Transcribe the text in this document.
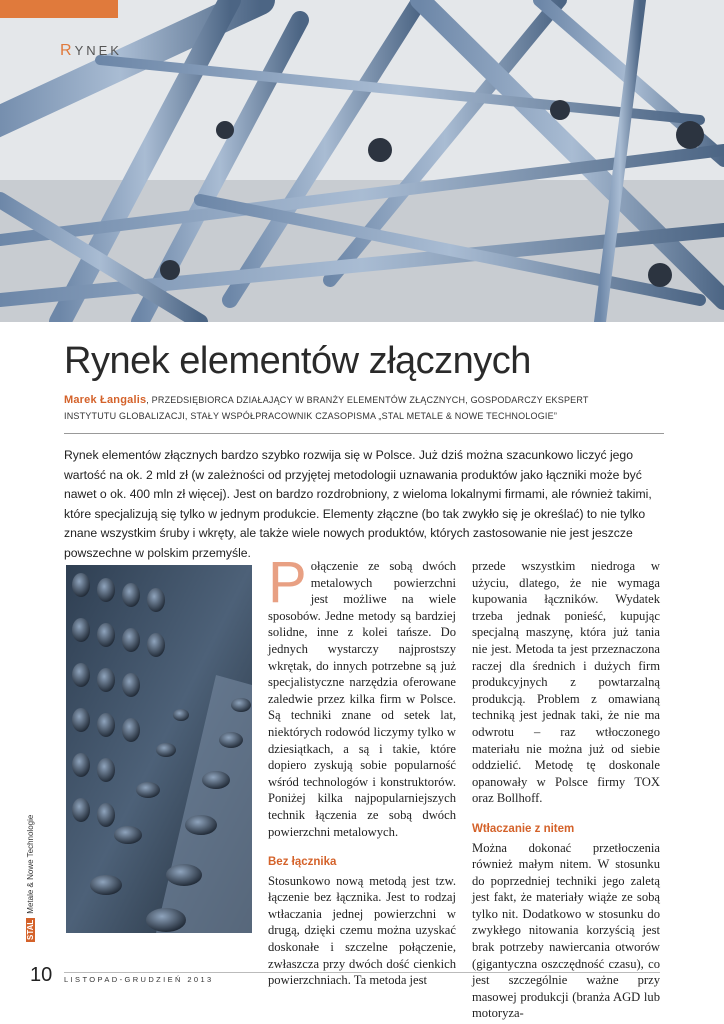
RYNEK
Rynek elementów złącznych
Marek Łangalis, PRZEDSIĘBIORCA DZIAŁAJĄCY W BRANŻY ELEMENTÓW ZŁĄCZNYCH, GOSPODARCZY EKSPERT
INSTYTUTU GLOBALIZACJI, STAŁY WSPÓŁPRACOWNIK CZASOPISMA „STAL METALE & NOWE TECHNOLOGIE”
Rynek elementów złącznych bardzo szybko rozwija się w Polsce. Już dziś można szacunkowo liczyć jego wartość na ok. 2 mld zł (w zależności od przyjętej metodologii uznawania produktów jako łączniki może być nawet o ok. 400 mln zł więcej). Jest on bardzo rozdrobniony, z wieloma lokalnymi firmami, ale również takimi, które specjalizują się tylko w jednym produkcie. Elementy złączne (bo tak zwykło się je określać) to nie tylko znane wszystkim śruby i wkręty, ale także wiele nowych produktów, których zastosowanie nie jest jeszcze powszechne w polskim przemyśle. Połączenie ze sobą dwóch metalowych powierzchni jest możliwe na wiele sposobów. Jedne metody są bardziej solidne, inne z kolei tańsze. Do jednych wystarczy najprostszy wkrętak, do innych potrzebne są już specjalistyczne narzędzia oferowane zaledwie przez kilka firm w Polsce. Są techniki znane od setek lat, niektórych rodowód liczymy tylko w dziesiątkach, a są i takie, które dopiero zyskują sobie popularność wśród technologów i konstruktorów. Poniżej kilka najpopularniejszych technik łączenia ze sobą dwóch powierzchni metalowych.

Bez łącznika

Stosunkowo nową metodą jest tzw. łączenie bez łącznika. Jest to rodzaj wtłaczania jednej powierzchni w drugą, dzięki czemu można uzyskać doskonałe i szczelne połączenie, zwłaszcza przy dwóch dość cienkich powierzchniach. Ta metoda jest

przede wszystkim niedroga w użyciu, dlatego, że nie wymaga kupowania łączników. Wydatek trzeba jednak ponieść, kupując specjalną maszynę, która już tania nie jest. Metoda ta jest przeznaczona raczej dla średnich i dużych firm produkcyjnych z powtarzalną produkcją. Problem z omawianą techniką jest jednak taki, że nie ma odwrotu – raz wtłoczonego materiału nie można już od siebie oddzielić. Metodę tę doskonale opanowały w Polsce firmy TOX oraz Bollhoff.

Wtłaczanie z nitem

Można dokonać przetłoczenia również małym nitem. W stosunku do poprzedniej techniki jego zaletą jest fakt, że materiały wiąże ze sobą tylko nit. Dodatkowo w stosunku do zwykłego nitowania korzyścią jest brak potrzeby nawiercania otworów (gigantyczna oszczędność czasu), co jest szczególnie ważne przy masowej produkcji (branża AGD lub motoryza-

STALMetale & Nowe Technologie
10 LISTOPAD-GRUDZIEŃ 2013
